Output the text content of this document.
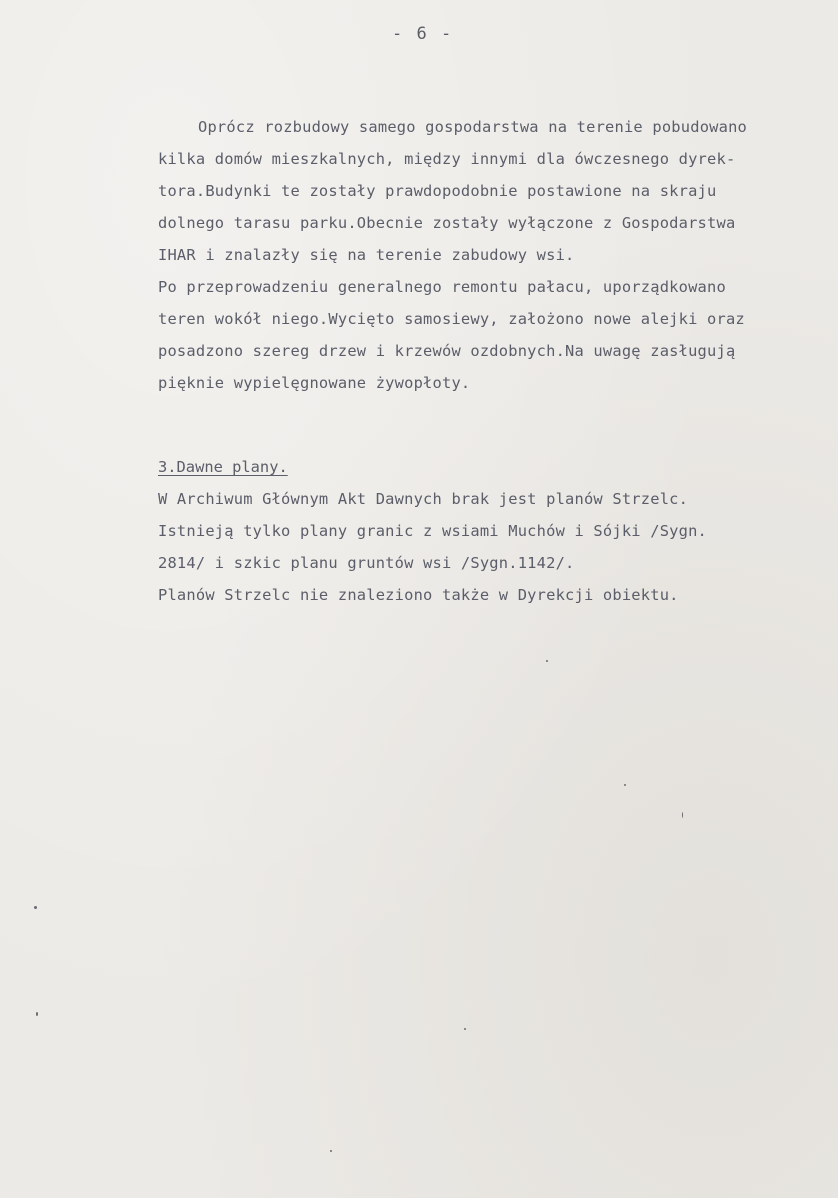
- 6 -
Oprócz rozbudowy samego gospodarstwa na terenie pobudowano
kilka domów mieszkalnych, między innymi dla ówczesnego dyrek-
tora.Budynki te zostały prawdopodobnie postawione na skraju
dolnego tarasu parku.Obecnie zostały wyłączone z Gospodarstwa
IHAR i znalazły się na terenie zabudowy wsi.
Po przeprowadzeniu generalnego remontu pałacu, uporządkowano
teren wokół niego.Wycięto samosiewy, założono nowe alejki oraz
posadzono szereg drzew i krzewów ozdobnych.Na uwagę zasługują
pięknie wypielęgnowane żywopłoty.
3.Dawne plany.
W Archiwum Głównym Akt Dawnych brak jest planów Strzelc.
Istnieją tylko plany granic z wsiami Muchów i Sójki /Sygn.
2814/ i szkic planu gruntów wsi /Sygn.1142/.
Planów Strzelc nie znaleziono także w Dyrekcji obiektu.
